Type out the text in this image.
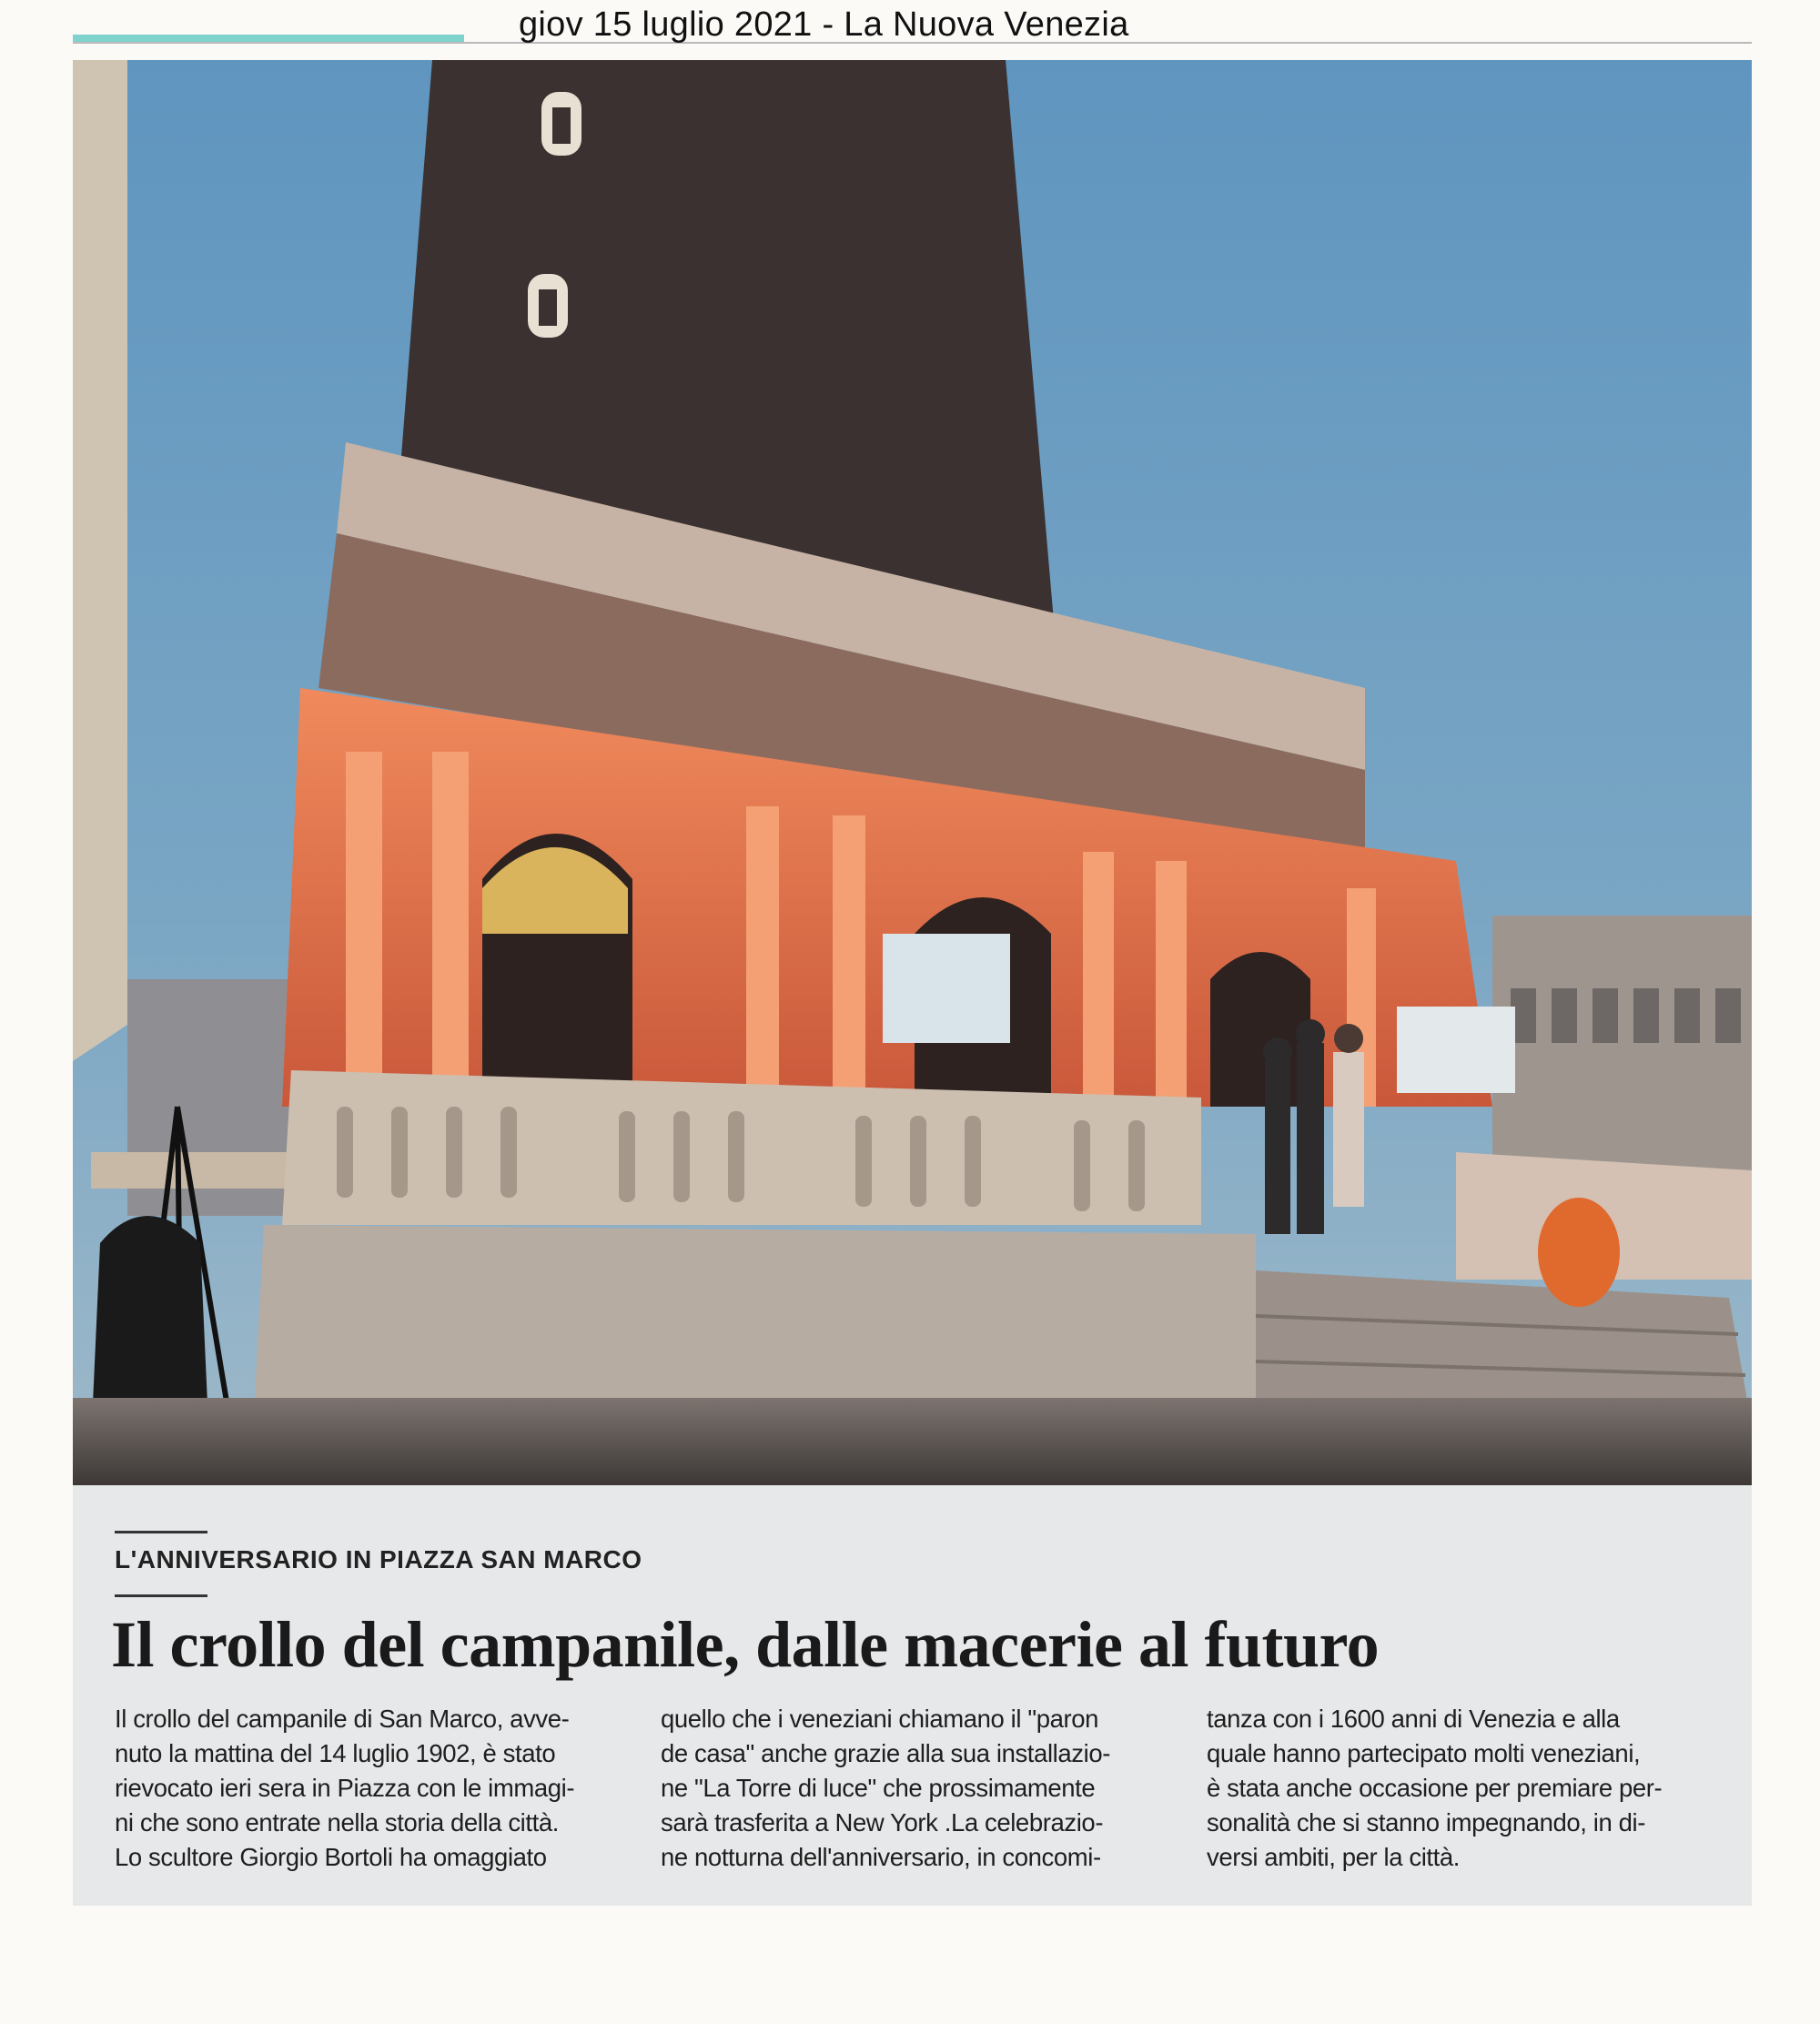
giov 15 luglio 2021 - La Nuova Venezia
L'ANNIVERSARIO IN PIAZZA SAN MARCO
Il crollo del campanile, dalle macerie al futuro

Il crollo del campanile di San Marco, avve-

nuto la mattina del 14 luglio 1902, è stato

rievocato ieri sera in Piazza con le immagi-

ni che sono entrate nella storia della città.

Lo scultore Giorgio Bortoli ha omaggiato

quello che i veneziani chiamano il "paron

de casa" anche grazie alla sua installazio-

ne "La Torre di luce" che prossimamente

sarà trasferita a New York .La celebrazio-

ne notturna dell'anniversario, in concomi-

tanza con i 1600 anni di Venezia e alla

quale hanno partecipato molti veneziani,

è stata anche occasione per premiare per-

sonalità che si stanno impegnando, in di-

versi ambiti, per la città.
